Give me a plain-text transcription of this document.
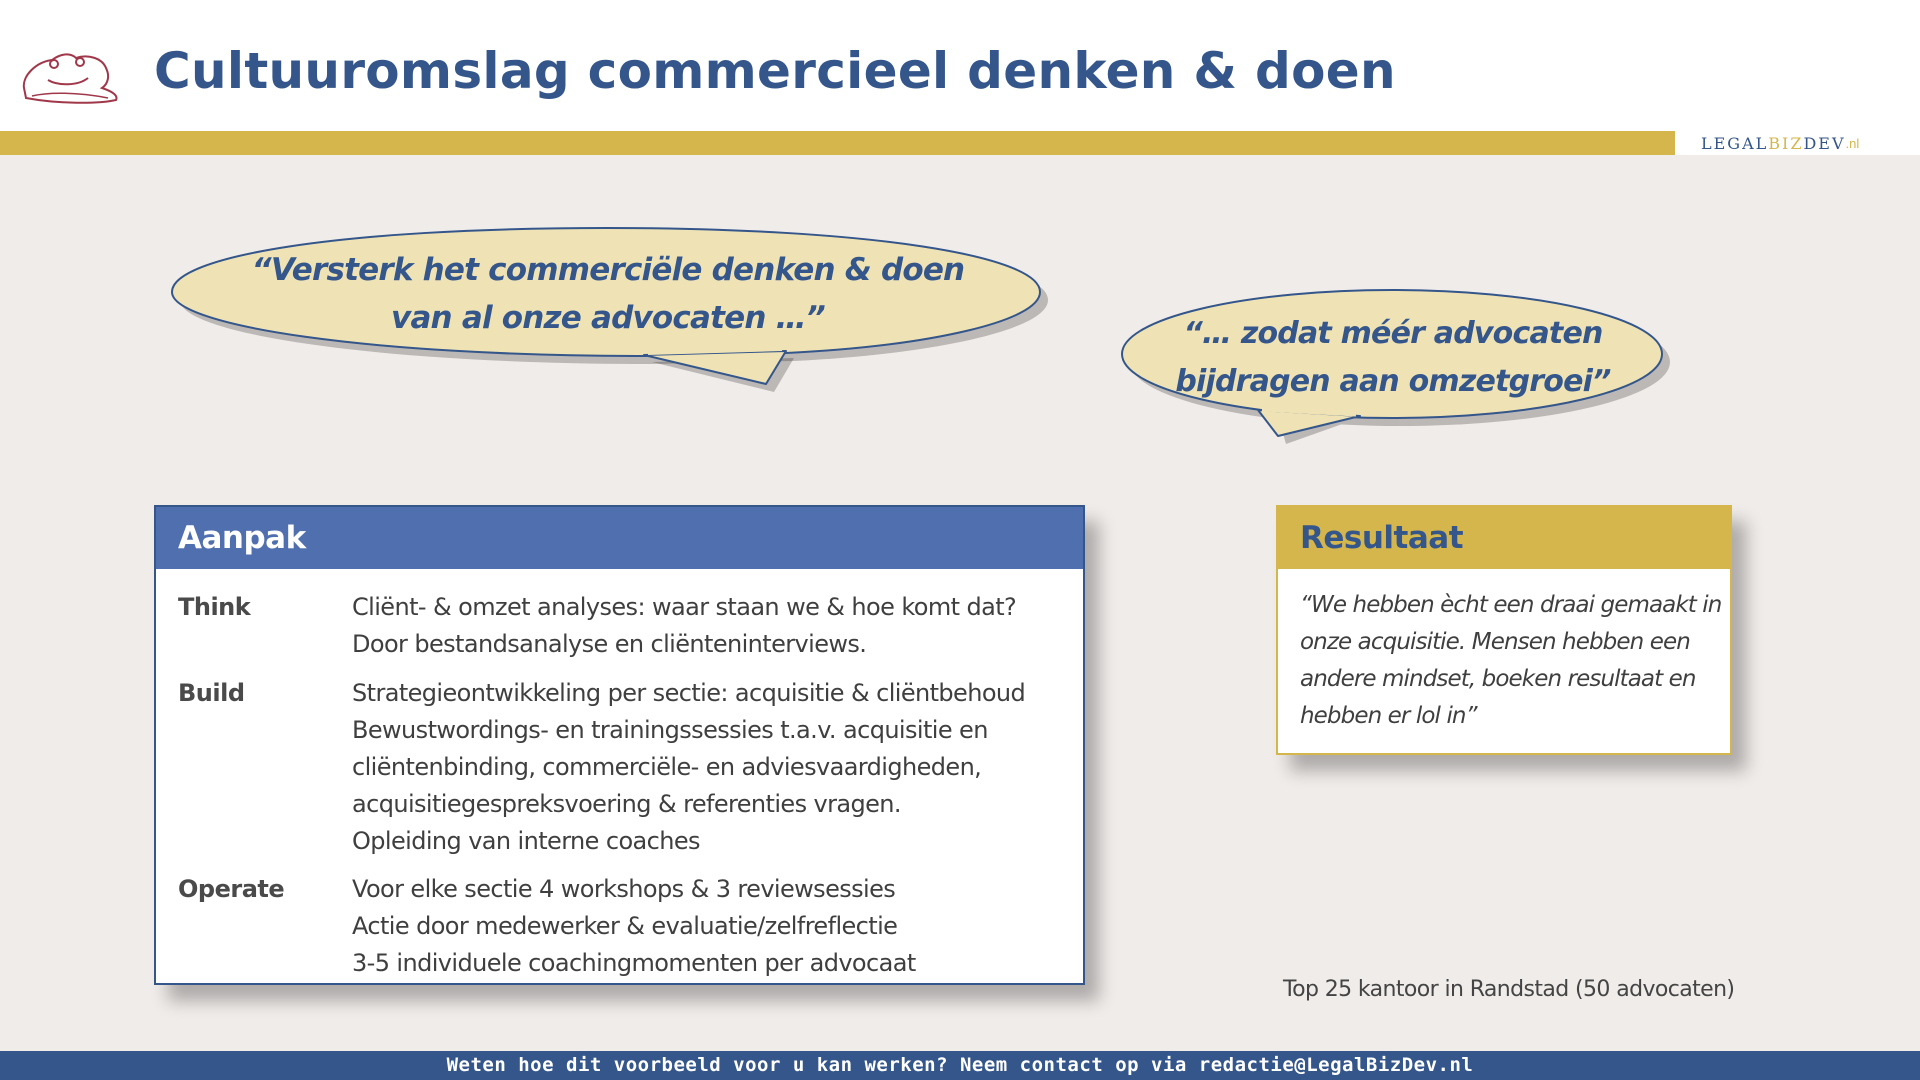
Cultuuromslag commercieel denken & doen
LEGAL BIZ DEV .nl
“Versterk het commerciële denken & doen
van al onze advocaten …”	“… zodat méér advocaten
bijdragen aan omzetgroei”
Aanpak
Think	Cliënt- & omzet analyses: waar staan we & hoe komt dat?
Door bestandsanalyse en cliënteninterviews.
Build	Strategieontwikkeling per sectie: acquisitie & cliëntbehoud
Bewustwordings- en trainingssessies t.a.v. acquisitie en
cliëntenbinding, commerciële- en adviesvaardigheden,
acquisitiegespreksvoering & referenties vragen.
Opleiding van interne coaches
Operate	Voor elke sectie 4 workshops & 3 reviewsessies
Actie door medewerker & evaluatie/zelfreflectie
3-5 individuele coachingmomenten per advocaat
Resultaat
“We hebben ècht een draai gemaakt in onze acquisitie. Mensen hebben een andere mindset, boeken resultaat en hebben er lol in”
Top 25 kantoor in Randstad (50 advocaten)
Weten hoe dit voorbeeld voor u kan werken? Neem contact op via redactie@LegalBizDev.nl
